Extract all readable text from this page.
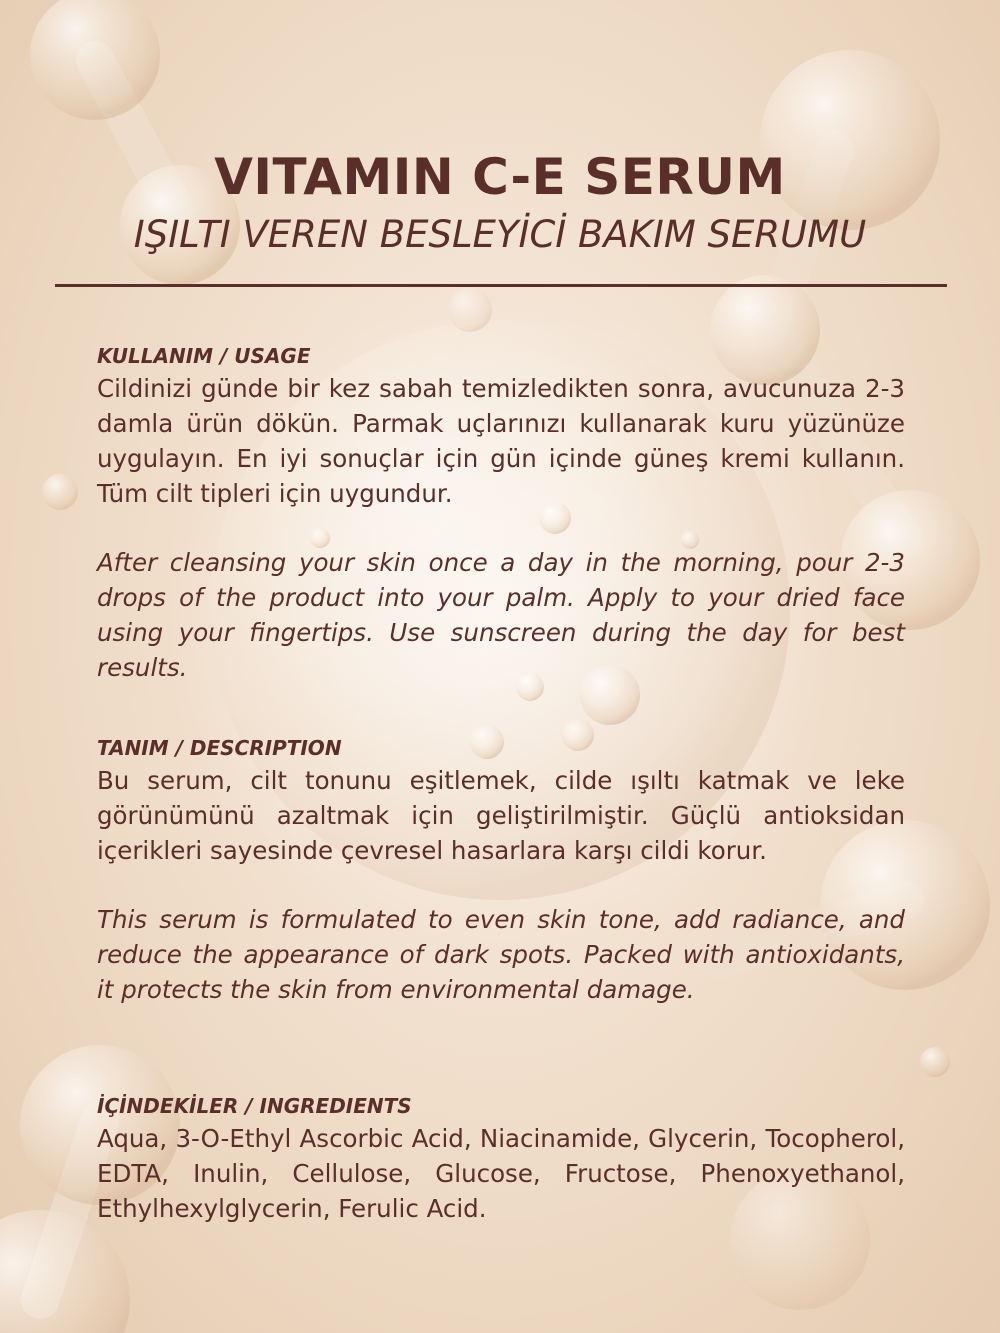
VITAMIN C-E SERUM
IŞILTI VEREN BESLEYİCİ BAKIM SERUMU
KULLANIM / USAGE

Cildinizi günde bir kez sabah temizledikten sonra, avucunuza 2-3 damla ürün dökün. Parmak uçlarınızı kullanarak kuru yüzünüze uygulayın. En iyi sonuçlar için gün içinde güneş kremi kullanın. Tüm cilt tipleri için uygundur.

After cleansing your skin once a day in the morning, pour 2-3 drops of the product into your palm. Apply to your dried face using your fingertips. Use sunscreen during the day for best results.

TANIM / DESCRIPTION

Bu serum, cilt tonunu eşitlemek, cilde ışıltı katmak ve leke görünümünü azaltmak için geliştirilmiştir. Güçlü antioksidan içerikleri sayesinde çevresel hasarlara karşı cildi korur.

This serum is formulated to even skin tone, add radiance, and reduce the appearance of dark spots. Packed with antioxidants, it protects the skin from environmental damage.

İÇİNDEKİLER / INGREDIENTS

Aqua, 3-O-Ethyl Ascorbic Acid, Niacinamide, Glycerin, Tocopherol, EDTA, Inulin, Cellulose, Glucose, Fructose, Phenoxyethanol, Ethylhexylglycerin, Ferulic Acid.
